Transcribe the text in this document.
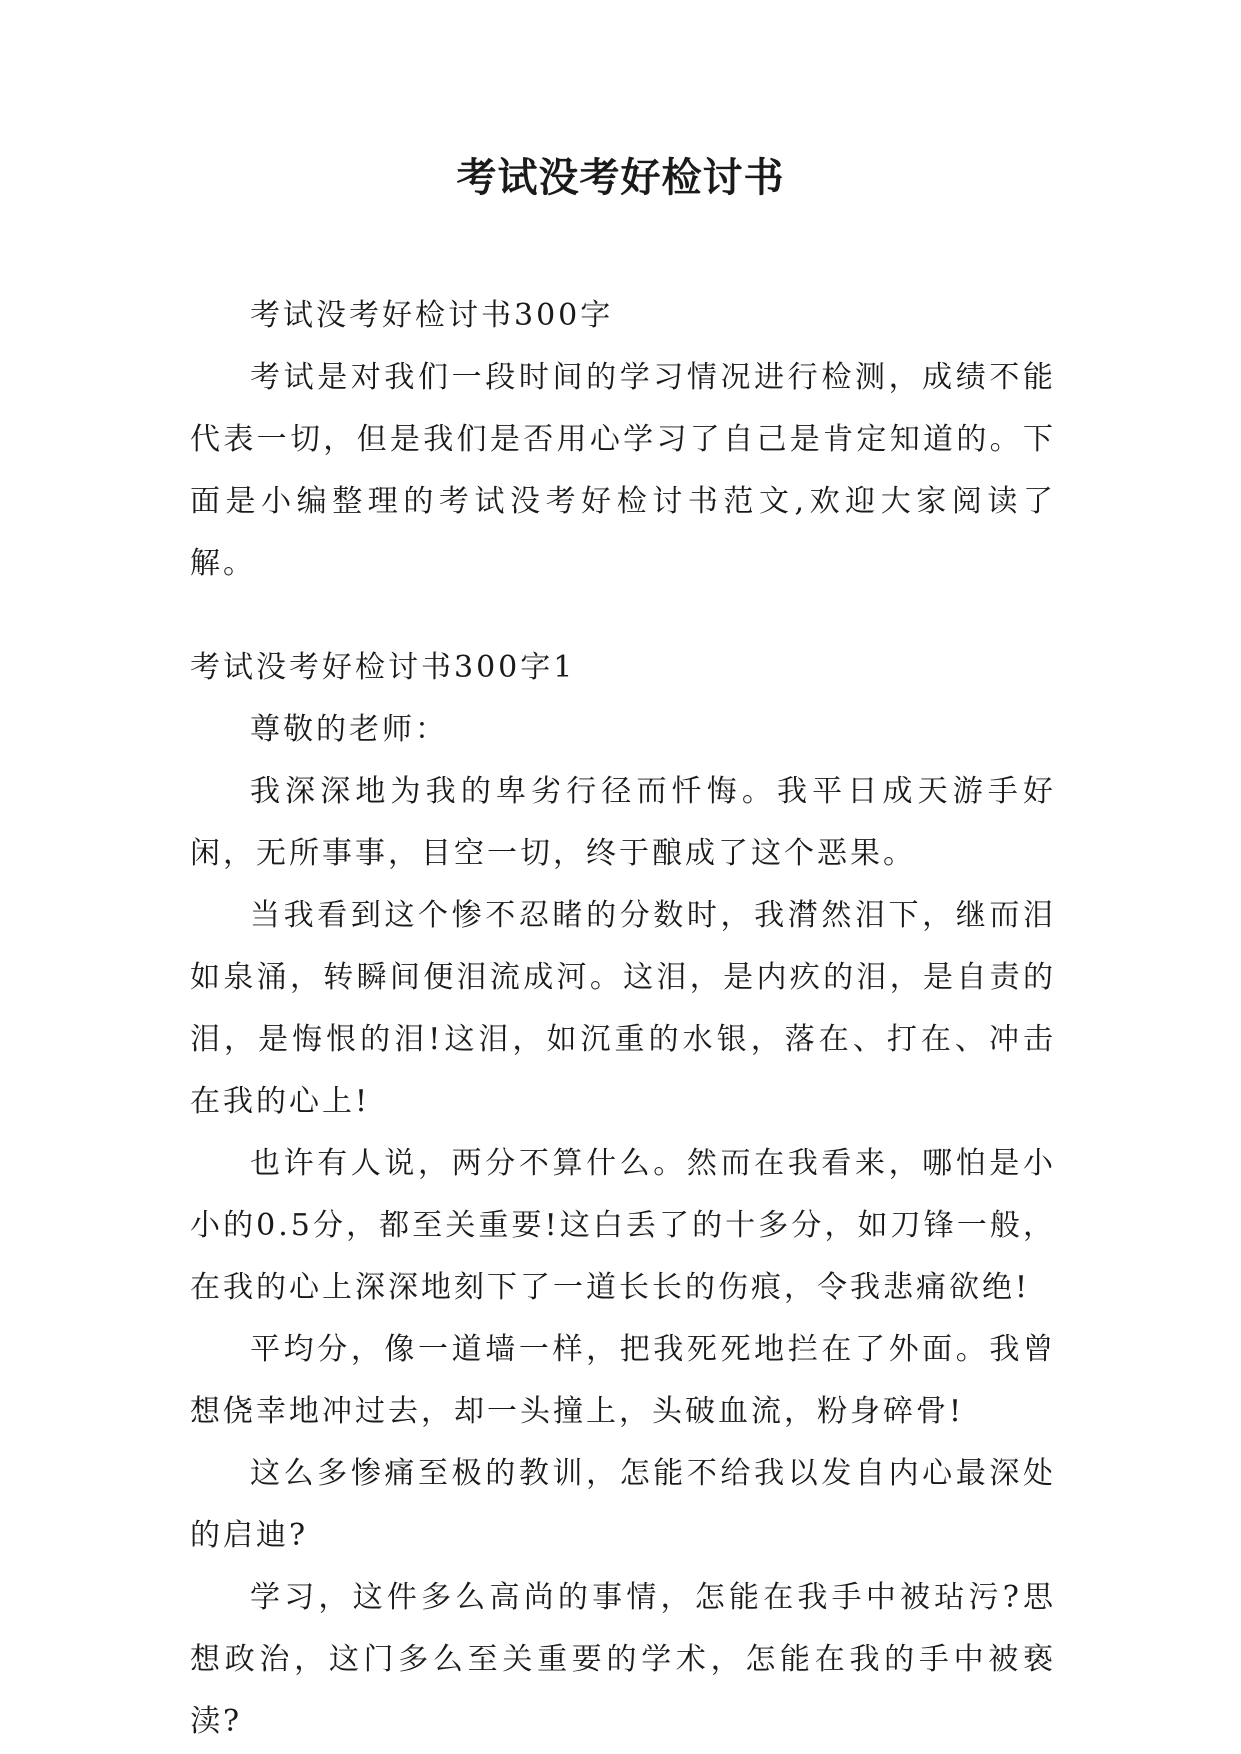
考试没考好检讨书

考试没考好检讨书300字

考试是对我们一段时间的学习情况进行检测，成绩不能代表一切，但是我们是否用心学习了自己是肯定知道的。下面是小编整理的考试没考好检讨书范文,欢迎大家阅读了解。

考试没考好检讨书300字1

尊敬的老师：

我深深地为我的卑劣行径而忏悔。我平日成天游手好闲，无所事事，目空一切，终于酿成了这个恶果。

当我看到这个惨不忍睹的分数时，我潸然泪下，继而泪如泉涌，转瞬间便泪流成河。这泪，是内疚的泪，是自责的泪，是悔恨的泪!这泪，如沉重的水银，落在、打在、冲击在我的心上!

也许有人说，两分不算什么。然而在我看来，哪怕是小小的0.5分，都至关重要!这白丢了的十多分，如刀锋一般，在我的心上深深地刻下了一道长长的伤痕，令我悲痛欲绝!

平均分，像一道墙一样，把我死死地拦在了外面。我曾想侥幸地冲过去，却一头撞上，头破血流，粉身碎骨!

这么多惨痛至极的教训，怎能不给我以发自内心最深处的启迪?

学习，这件多么高尚的事情，怎能在我手中被玷污?思想政治，这门多么至关重要的学术，怎能在我的手中被亵渎?
